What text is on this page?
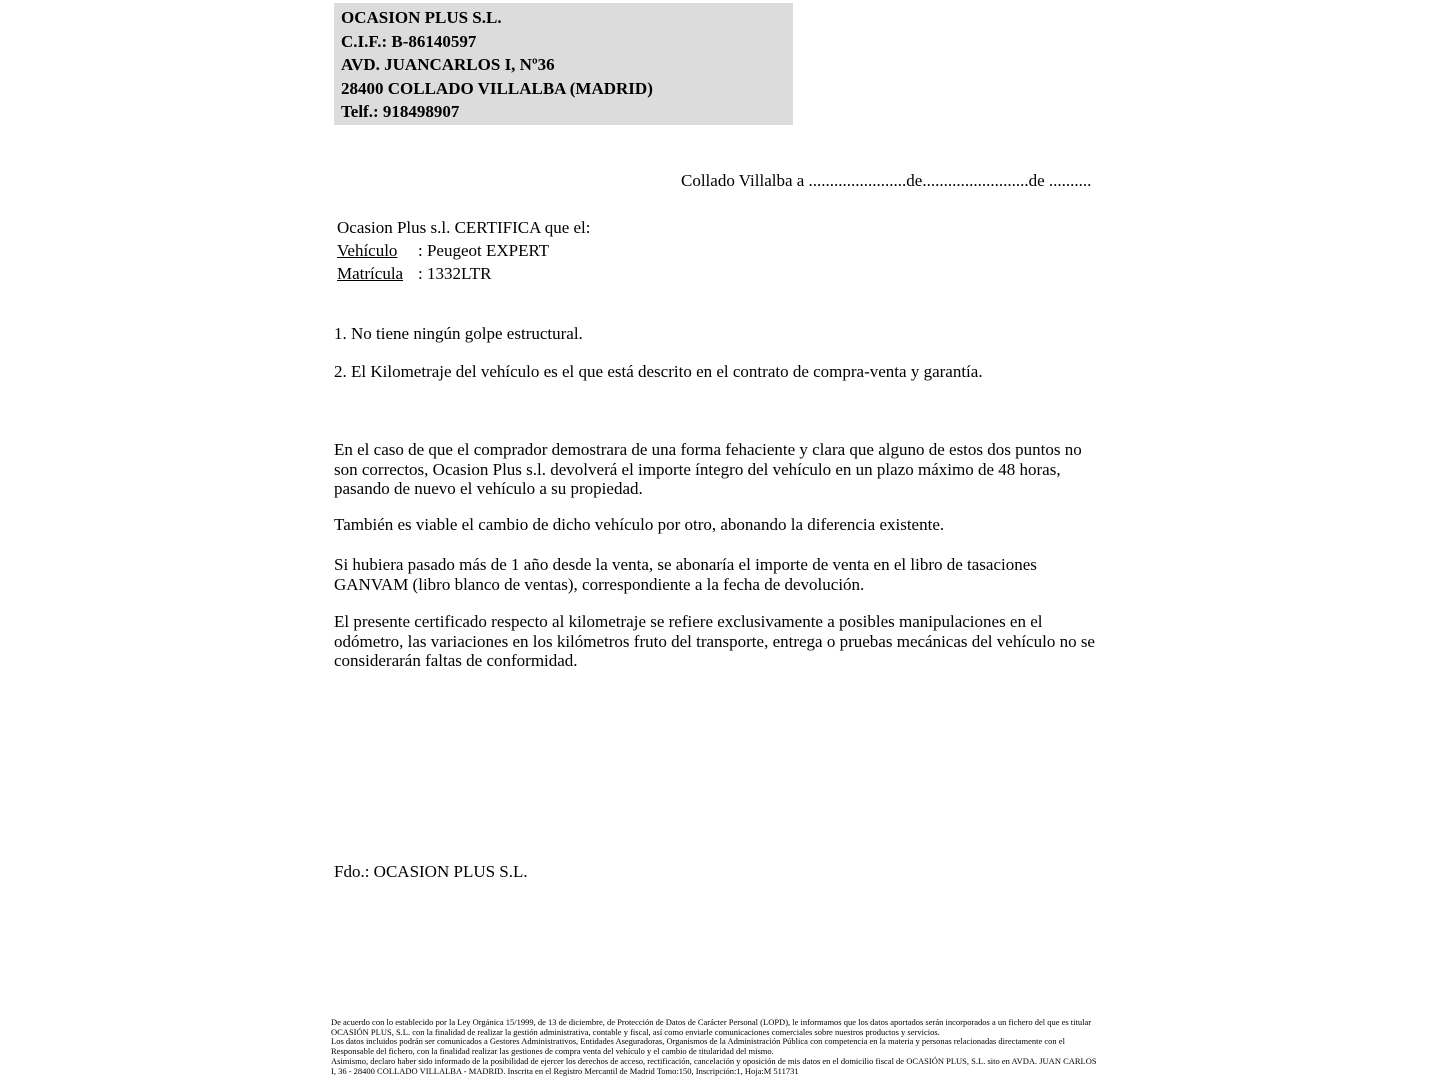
OCASION PLUS S.L.
C.I.F.: B-86140597
AVD. JUANCARLOS I, Nº36
28400 COLLADO VILLALBA (MADRID)
Telf.: 918498907
Collado Villalba a .......................de.........................de ..........
Ocasion Plus s.l. CERTIFICA que el:
Vehículo : Peugeot EXPERT
Matrícula : 1332LTR
1. No tiene ningún golpe estructural.
2. El Kilometraje del vehículo es el que está descrito en el contrato de compra-venta y garantía.
En el caso de que el comprador demostrara de una forma fehaciente y clara que alguno de estos dos puntos no son correctos, Ocasion Plus s.l. devolverá el importe íntegro del vehículo en un plazo máximo de 48 horas, pasando de nuevo el vehículo a su propiedad.
También es viable el cambio de dicho vehículo por otro, abonando la diferencia existente.
Si hubiera pasado más de 1 año desde la venta, se abonaría el importe de venta en el libro de tasaciones GANVAM (libro blanco de ventas), correspondiente a la fecha de devolución.
El presente certificado respecto al kilometraje se refiere exclusivamente a posibles manipulaciones en el odómetro, las variaciones en los kilómetros fruto del transporte, entrega o pruebas mecánicas del vehículo no se considerarán faltas de conformidad.
Fdo.: OCASION PLUS S.L.
De acuerdo con lo establecido por la Ley Orgánica 15/1999, de 13 de diciembre, de Protección de Datos de Carácter Personal (LOPD), le informamos que los datos aportados serán incorporados a un fichero del que es titular OCASIÓN PLUS, S.L. con la finalidad de realizar la gestión administrativa, contable y fiscal, así como enviarle comunicaciones comerciales sobre nuestros productos y servicios.
Los datos incluidos podrán ser comunicados a Gestores Administrativos, Entidades Aseguradoras, Organismos de la Administración Pública con competencia en la materia y personas relacionadas directamente con el Responsable del fichero, con la finalidad realizar las gestiones de compra venta del vehículo y el cambio de titularidad del mismo.
Asimismo, declaro haber sido informado de la posibilidad de ejercer los derechos de acceso, rectificación, cancelación y oposición de mis datos en el domicilio fiscal de OCASIÓN PLUS, S.L. sito en AVDA. JUAN CARLOS I, 36 - 28400 COLLADO VILLALBA - MADRID. Inscrita en el Registro Mercantil de Madrid Tomo:150, Inscripción:1, Hoja:M 511731
